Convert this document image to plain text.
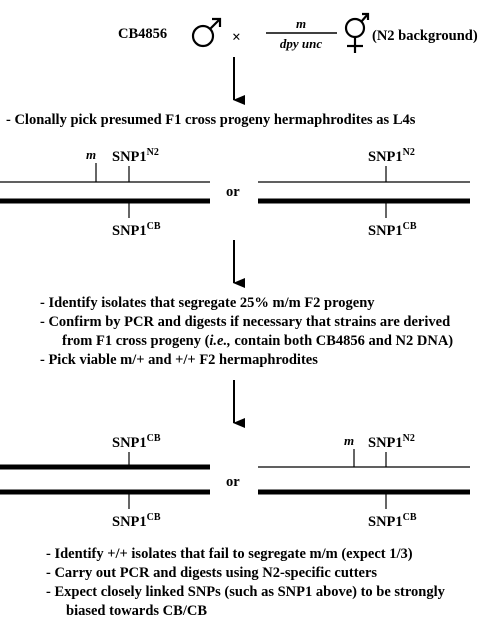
CB4856	×
m
dpy unc	(N2 background)
- Clonally pick presumed F1 cross progeny hermaphrodites as L4s
m $SNP1^{N2}$
$SNP1^{CB}$
or
$SNP1^{N2}$
$SNP1^{CB}$
- Identify isolates that segregate 25% m/m F2 progeny
- Confirm by PCR and digests if necessary that strains are derived
from F1 cross progeny (i.e., contain both CB4856 and N2 DNA)
- Pick viable m/+ and +/+ F2 hermaphrodites
$SNP1^{CB}$
$SNP1^{CB}$
or
m $SNP1^{N2}$
$SNP1^{CB}$
- Identify +/+ isolates that fail to segregate m/m (expect 1/3)
- Carry out PCR and digests using N2-specific cutters
- Expect closely linked SNPs (such as SNP1 above) to be strongly
biased towards CB/CB
